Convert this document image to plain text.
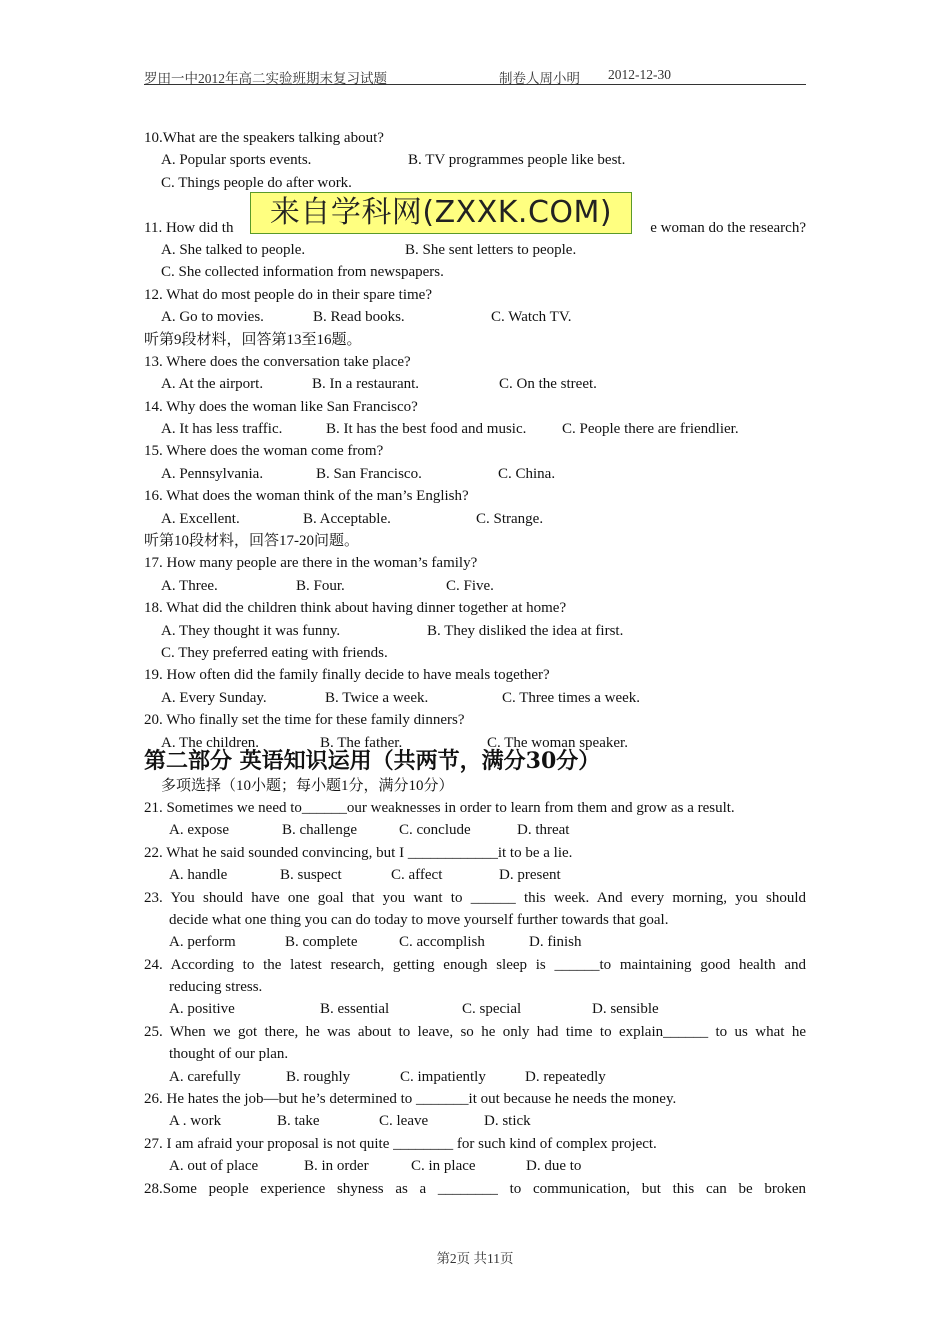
罗田一中2012年高二实验班期末复习试题	制卷人周小明 2012-12-30
10.What are the speakers talking about?
A. Popular sports events.	B. TV programmes people like best.
C. Things people do after work.
11. How did th	e woman do the research?
A. She talked to people.	B. She sent letters to people.
C. She collected information from newspapers.
12. What do most people do in their spare time?
A. Go to movies.	B. Read books.	C. Watch TV.
听第9段材料，回答第13至16题。
13. Where does the conversation take place?
A. At the airport.	B. In a restaurant.	C. On the street.
14. Why does the woman like San Francisco?
A. It has less traffic.	B. It has the best food and music. C. People there are friendlier.
15. Where does the woman come from?
A. Pennsylvania.	B. San Francisco.	C. China.
16. What does the woman think of the man’s English?
A. Excellent.	B. Acceptable.	C. Strange.
听第10段材料，回答17-20问题。
17. How many people are there in the woman’s family?
A. Three.	B. Four.	C. Five.
18. What did the children think about having dinner together at home?
A. They thought it was funny.	B. They disliked the idea at first.
C. They preferred eating with friends.
19. How often did the family finally decide to have meals together?
A. Every Sunday.	B. Twice a week.	C. Three times a week.
20. Who finally set the time for these family dinners?
A. The children.	B. The father.	C. The woman speaker.
第二部分 英语知识运用（共两节，满分30分）
多项选择（10小题；每小题1分，满分10分）
21. Sometimes we need to______our weaknesses in order to learn from them and grow as a result.
A. expose	B. challenge	C. conclude	D. threat
22. What he said sounded convincing, but I ____________it to be a lie.
A. handle	B. suspect	C. affect	D. present
23. You should have one goal that you want to ______ this week. And every morning, you should
decide what one thing you can do today to move yourself further towards that goal.
A. perform	B. complete	C. accomplish	D. finish
24. According to the latest research, getting enough sleep is ______to maintaining good health and
reducing stress.
A. positive	B. essential	C. special	D. sensible
25. When we got there, he was about to leave, so he only had time to explain______ to us what he
thought of our plan.
A. carefully	B. roughly	C. impatiently	D. repeatedly
26. He hates the job—but he’s determined to _______it out because he needs the money.
A . work	B. take	C. leave	D. stick
27. I am afraid your proposal is not quite ________ for such kind of complex project.
A. out of place	B. in order	C. in place	D. due to
28.Some people experience shyness as a ________ to communication, but this can be broken
来自学科网(ZXXK.COM)
第2页 共11页
